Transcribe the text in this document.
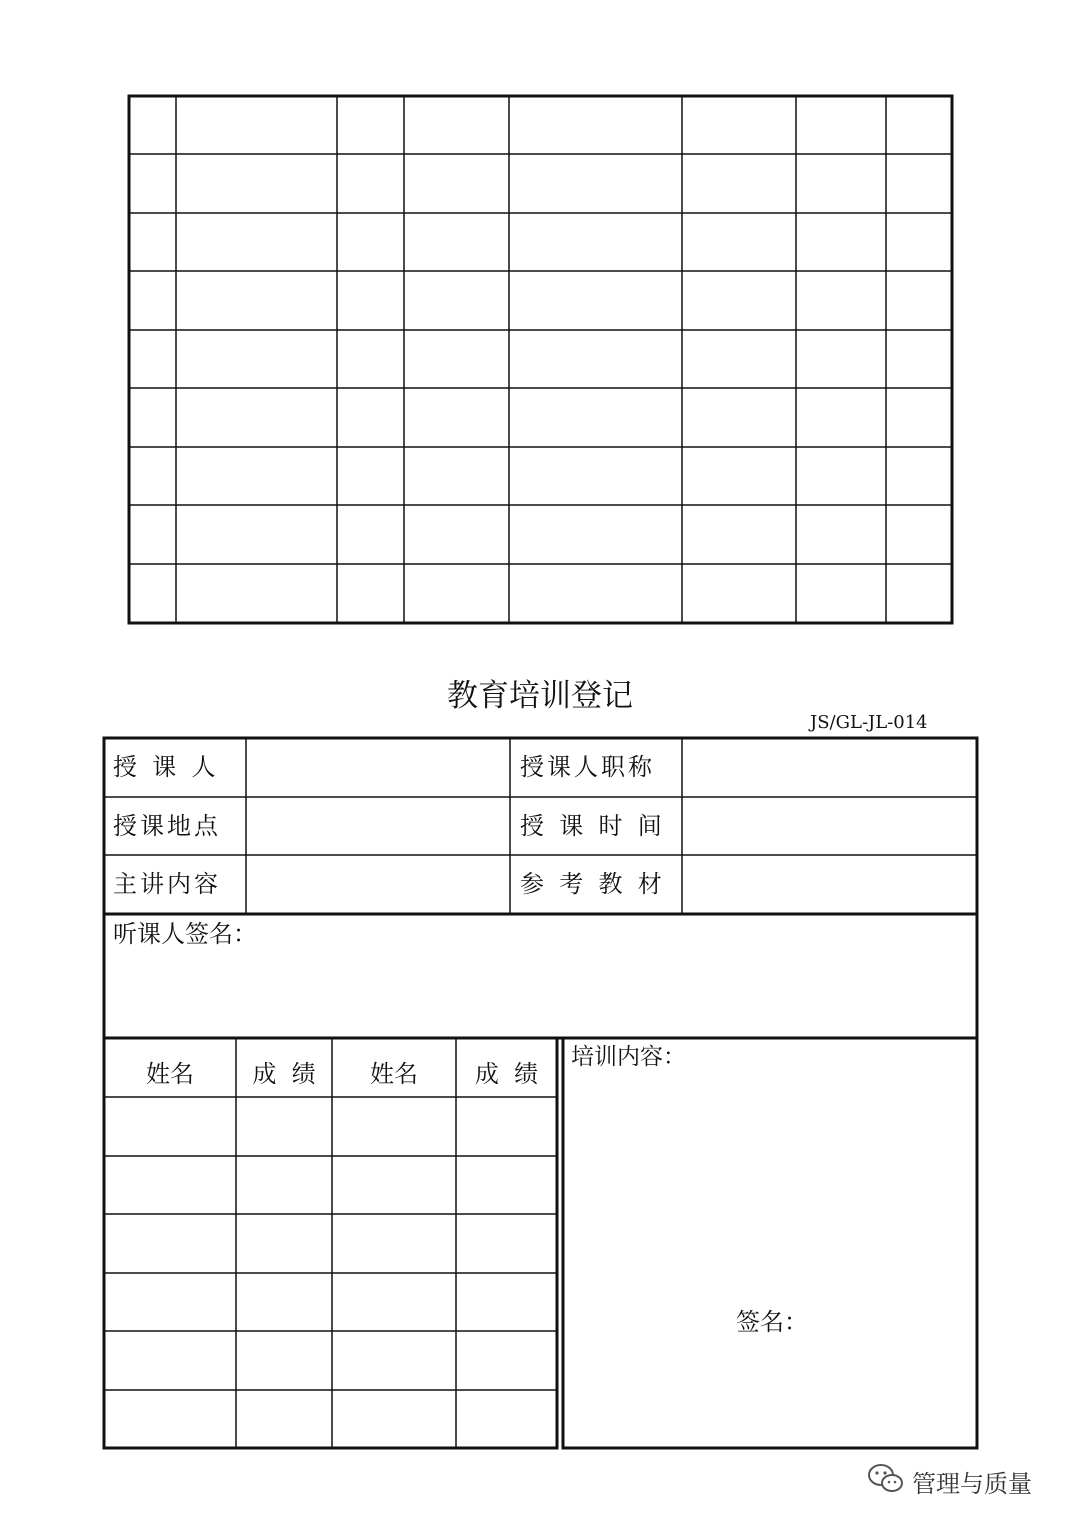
教育培训登记
JS/GL-JL-014
授  课  人	授课人职称
授课地点	授  课  时  间
主讲内容	参  考  教  材
听课人签名：
姓名	成  绩	姓名	成  绩
培训内容：
签名：
管理与质量
